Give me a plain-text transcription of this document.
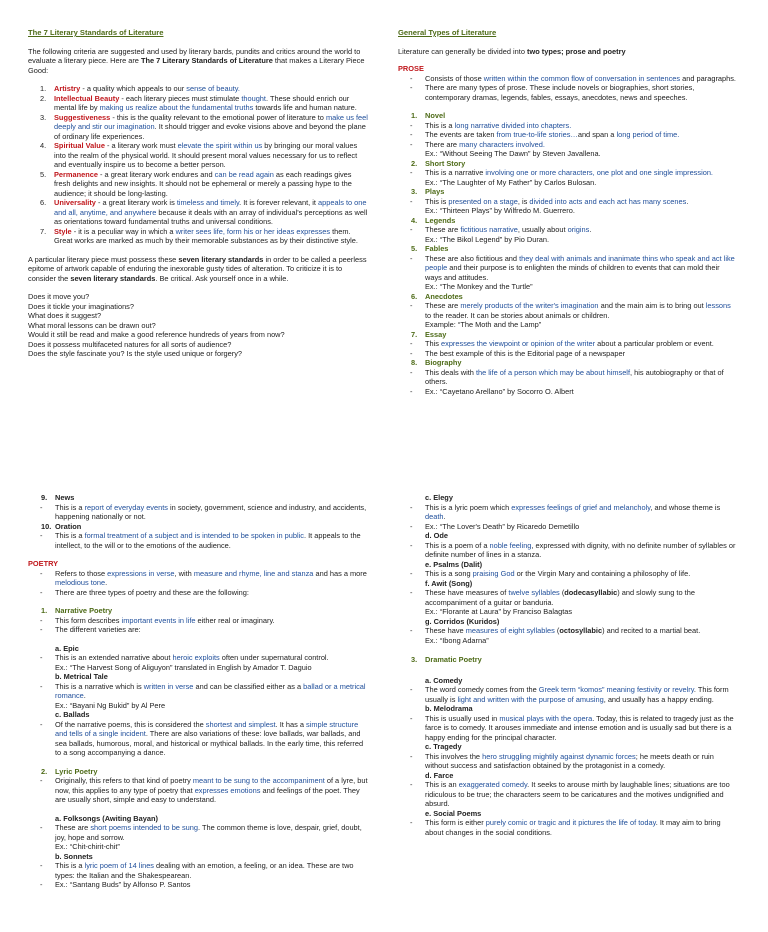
The 7 Literary Standards of Literature

The following criteria are suggested and used by literary bards, pundits and critics around the world to evaluate a literary piece. Here are The 7 Literary Standards of Literature that makes a Literary Piece Good:

1. Artistry - a quality which appeals to our sense of beauty.
2. Intellectual Beauty - each literary pieces must stimulate thought. These should enrich our mental life by making us realize about the fundamental truths towards life and human nature.
3. Suggestiveness - this is the quality relevant to the emotional power of literature to make us feel deeply and stir our imagination. It should trigger and evoke visions above and beyond the plane of ordinary life experiences.
4. Spiritual Value - a literary work must elevate the spirit within us by bringing our moral values into the realm of the physical world. It should present moral values necessary for us to reflect and eventually inspire us to become a better person.
5. Permanence - a great literary work endures and can be read again as each readings gives fresh delights and new insights. It should not be ephemeral or merely a passing hype to the audience; it should be long-lasting.
6. Universality - a great literary work is timeless and timely. It is forever relevant, it appeals to one and all, anytime, and anywhere because it deals with an array of individual's perceptions as well as orientations toward fundamental truths and universal conditions.
7. Style - it is a peculiar way in which a writer sees life, form his or her ideas expresses them. Great works are marked as much by their memorable substances as by their distinctive style.

A particular literary piece must possess these seven literary standards in order to be called a peerless epitome of artwork capable of enduring the inexorable gusty tides of alteration. To criticize it is to consider the seven literary standards. Be critical. Ask yourself once in a while.

Does it move you?
Does it tickle your imaginations?
What does it suggest?
What moral lessons can be drawn out?
Would it still be read and make a good reference hundreds of years from now?
Does it possess multifaceted natures for all sorts of audience?
Does the style fascinate you? Is the style used unique or forgery?
General Types of Literature

Literature can generally be divided into two types; prose and poetry

PROSE
- Consists of those written within the common flow of conversation in sentences and paragraphs.
- There are many types of prose. These include novels or biographies, short stories, contemporary dramas, legends, fables, essays, anecdotes, news and speeches.
1. Novel
- This is a long narrative divided into chapters.
- The events are taken from true-to-life stories…and span a long period of time.
- There are many characters involved.
Ex.: “Without Seeing The Dawn” by Steven Javallena.
2. Short Story
- This is a narrative involving one or more characters, one plot and one single impression.
Ex.: “The Laughter of My Father” by Carlos Bulosan.
3. Plays
- This is presented on a stage, is divided into acts and each act has many scenes.
Ex.: “Thirteen Plays” by Wilfredo M. Guerrero.
4. Legends
- These are fictitious narrative, usually about origins.
Ex.: “The Bikol Legend” by Pio Duran.
5. Fables
- These are also fictitious and they deal with animals and inanimate thins who speak and act like people and their purpose is to enlighten the minds of children to events that can mold their ways and attitudes.
Ex.: “The Monkey and the Turtle”
6. Anecdotes
- These are merely products of the writer's imagination and the main aim is to bring out lessons to the reader. It can be stories about animals or children.
Example: “The Moth and the Lamp”
7. Essay
- This expresses the viewpoint or opinion of the writer about a particular problem or event.
- The best example of this is the Editorial page of a newspaper
8. Biography
- This deals with the life of a person which may be about himself, his autobiography or that of others.
- Ex.: “Cayetano Arellano” by Socorro O. Albert
9. News
- This is a report of everyday events in society, government, science and industry, and accidents, happening nationally or not.
10. Oration
- This is a formal treatment of a subject and is intended to be spoken in public. It appeals to the intellect, to the will or to the emotions of the audience.
POETRY
- Refers to those expressions in verse, with measure and rhyme, line and stanza and has a more melodious tone.
- There are three types of poetry and these are the following:
1. Narrative Poetry
- This form describes important events in life either real or imaginary.
- The different varieties are:
a. Epic
- This is an extended narrative about heroic exploits often under supernatural control.
Ex.: “The Harvest Song of Aliguyon” translated in English by Amador T. Daguio
b. Metrical Tale
- This is a narrative which is written in verse and can be classified either as a ballad or a metrical romance.
Ex.: “Bayani Ng Bukid” by Al Pere
c. Ballads
- Of the narrative poems, this is considered the shortest and simplest. It has a simple structure and tells of a single incident. There are also variations of these: love ballads, war ballads, and sea ballads, humorous, moral, and historical or mythical ballads. In the early time, this referred to a song accompanying a dance.
2. Lyric Poetry
- Originally, this refers to that kind of poetry meant to be sung to the accompaniment of a lyre, but now, this applies to any type of poetry that expresses emotions and feelings of the poet. They are usually short, simple and easy to understand.
a. Folksongs (Awiting Bayan)
- These are short poems intended to be sung. The common theme is love, despair, grief, doubt, joy, hope and sorrow.
Ex.: “Chit-chirit-chit”
b. Sonnets
- This is a lyric poem of 14 lines dealing with an emotion, a feeling, or an idea. These are two types: the Italian and the Shakespearean.
- Ex.: “Santang Buds” by Alfonso P. Santos
c. Elegy
- This is a lyric poem which expresses feelings of grief and melancholy, and whose theme is death.
- Ex.: “The Lover's Death” by Ricaredo Demetillo
d. Ode
- This is a poem of a noble feeling, expressed with dignity, with no definite number of syllables or definite number of lines in a stanza.
e. Psalms (Dalit)
- This is a song praising God or the Virgin Mary and containing a philosophy of life.
f. Awit (Song)
- These have measures of twelve syllables (dodecasyllabic) and slowly sung to the accompaniment of a guitar or banduria.
Ex.: “Florante at Laura” by Franciso Balagtas
g. Corridos (Kuridos)
- These have measures of eight syllables (octosyllabic) and recited to a martial beat.
Ex.: “Ibong Adarna”
3. Dramatic Poetry
a. Comedy
- The word comedy comes from the Greek term “komos” meaning festivity or revelry. This form usually is light and written with the purpose of amusing, and usually has a happy ending.
b. Melodrama
- This is usually used in musical plays with the opera. Today, this is related to tragedy just as the farce is to comedy. It arouses immediate and intense emotion and is usually sad but there is a happy ending for the principal character.
c. Tragedy
- This involves the hero struggling mightily against dynamic forces; he meets death or ruin without success and satisfaction obtained by the protagonist in a comedy.
d. Farce
- This is an exaggerated comedy. It seeks to arouse mirth by laughable lines; situations are too ridiculous to be true; the characters seem to be caricatures and the motives undignified and absurd.
e. Social Poems
- This form is either purely comic or tragic and it pictures the life of today. It may aim to bring about changes in the social conditions.
